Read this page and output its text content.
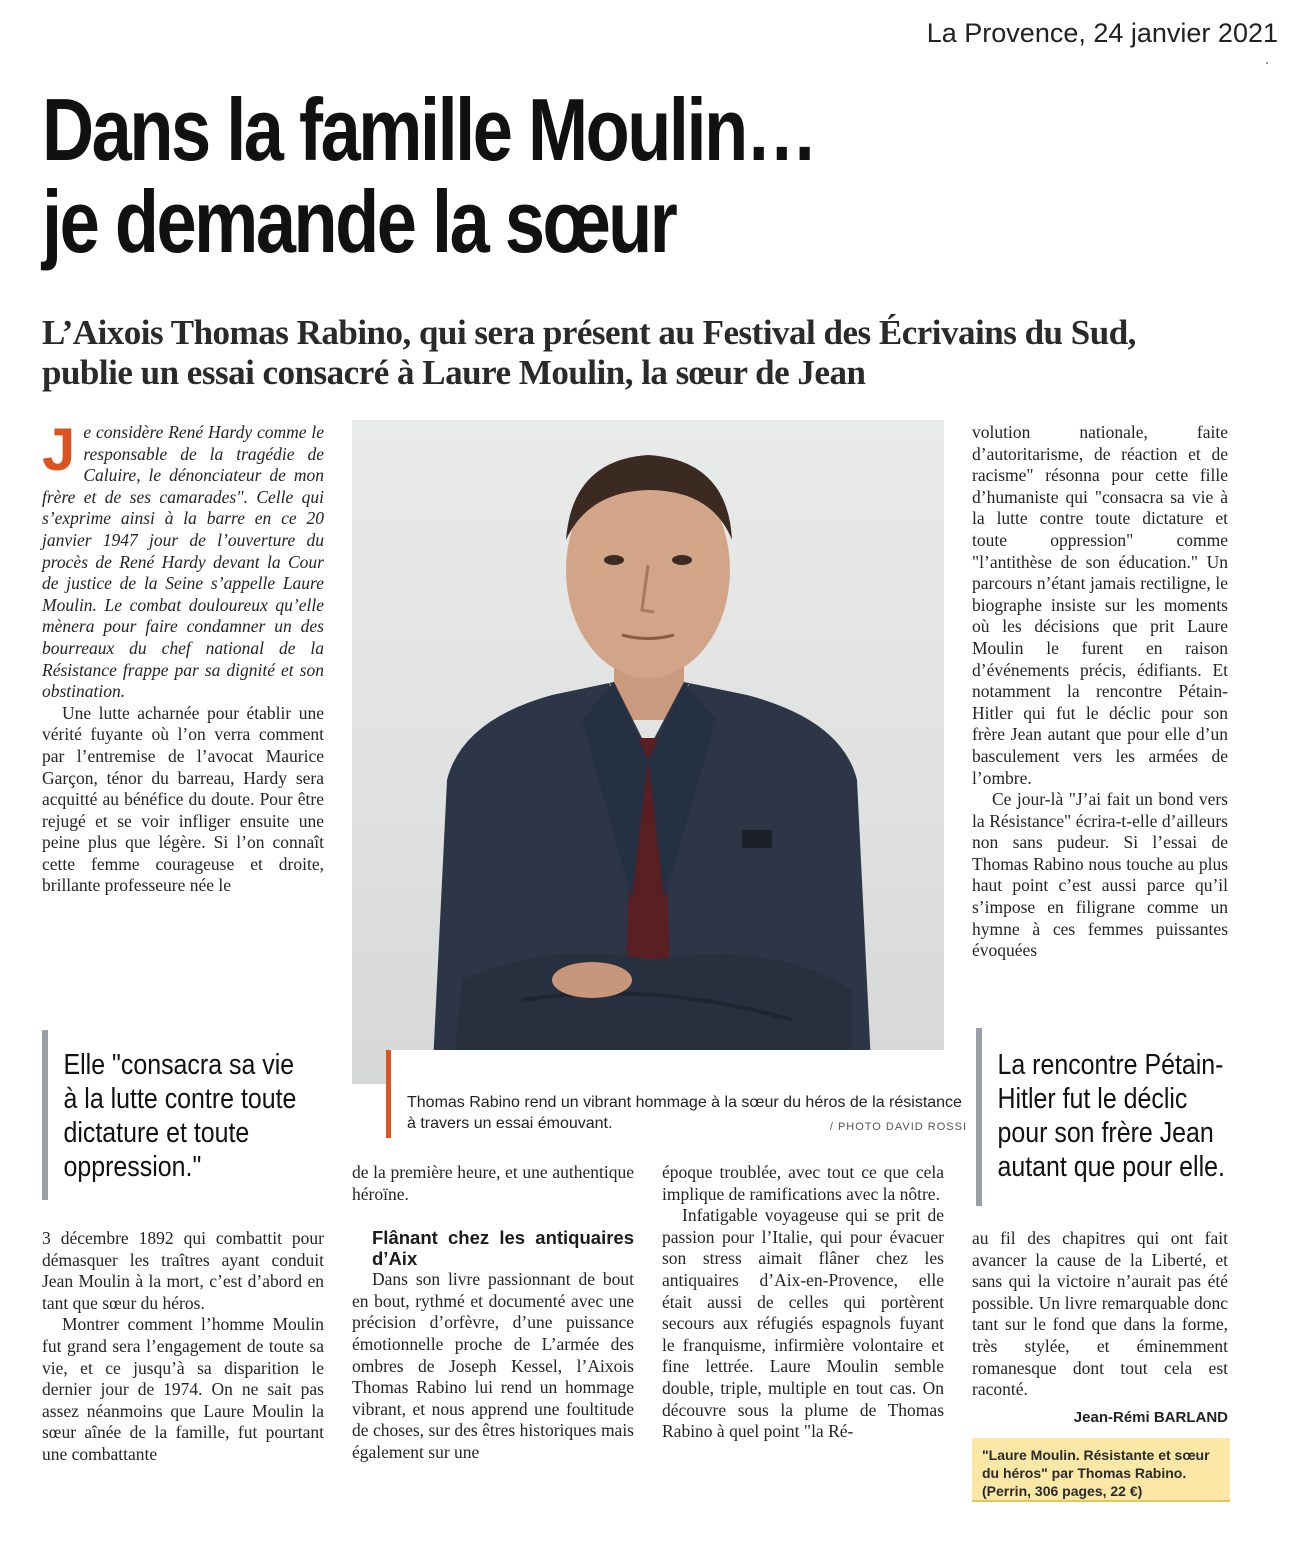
La Provence, 24 janvier 2021
Dans la famille Moulin…
je demande la sœur
L’Aixois Thomas Rabino, qui sera présent au Festival des Écrivains du Sud,
publie un essai consacré à Laure Moulin, la sœur de Jean

Je considère René Hardy comme le responsable de la tragédie de Caluire, le dénonciateur de mon frère et de ses camarades". Celle qui s’exprime ainsi à la barre en ce 20 janvier 1947 jour de l’ouverture du procès de René Hardy devant la Cour de justice de la Seine s’appelle Laure Moulin. Le combat douloureux qu’elle mènera pour faire condamner un des bourreaux du chef national de la Résistance frappe par sa dignité et son obstination.

Une lutte acharnée pour établir une vérité fuyante où l’on verra comment par l’entremise de l’avocat Maurice Garçon, ténor du barreau, Hardy sera acquitté au bénéfice du doute. Pour être rejugé et se voir infliger ensuite une peine plus que légère. Si l’on connaît cette femme courageuse et droite, brillante professeure née le

Elle "consacra sa vie à la lutte contre toute dictature et toute oppression."

3 décembre 1892 qui combattit pour démasquer les traîtres ayant conduit Jean Moulin à la mort, c’est d’abord en tant que sœur du héros.

Montrer comment l’homme Moulin fut grand sera l’engagement de toute sa vie, et ce jusqu’à sa disparition le dernier jour de 1974. On ne sait pas assez néanmoins que Laure Moulin la sœur aînée de la famille, fut pourtant une combattante

Thomas Rabino rend un vibrant hommage à la sœur du héros de la résistance à travers un essai émouvant.	/ PHOTO DAVID ROSSI

de la première heure, et une authentique héroïne.

Flânant chez les antiquaires d’Aix

Dans son livre passionnant de bout en bout, rythmé et documenté avec une précision d’orfèvre, d’une puissance émotionnelle proche de L’armée des ombres de Joseph Kessel, l’Aixois Thomas Rabino lui rend un hommage vibrant, et nous apprend une foultitude de choses, sur des êtres historiques mais également sur une

époque troublée, avec tout ce que cela implique de ramifications avec la nôtre.

Infatigable voyageuse qui se prit de passion pour l’Italie, qui pour évacuer son stress aimait flâner chez les antiquaires d’Aix-en-Provence, elle était aussi de celles qui portèrent secours aux réfugiés espagnols fuyant le franquisme, infirmière volontaire et fine lettrée. Laure Moulin semble double, triple, multiple en tout cas. On découvre sous la plume de Thomas Rabino à quel point "la Ré-

volution nationale, faite d’autoritarisme, de réaction et de racisme" résonna pour cette fille d’humaniste qui "consacra sa vie à la lutte contre toute dictature et toute oppression" comme "l’antithèse de son éducation." Un parcours n’étant jamais rectiligne, le biographe insiste sur les moments où les décisions que prit Laure Moulin le furent en raison d’événements précis, édifiants. Et notamment la rencontre Pétain-Hitler qui fut le déclic pour son frère Jean autant que pour elle d’un basculement vers les armées de l’ombre.

Ce jour-là "J’ai fait un bond vers la Résistance" écrira-t-elle d’ailleurs non sans pudeur. Si l’essai de Thomas Rabino nous touche au plus haut point c’est aussi parce qu’il s’impose en filigrane comme un hymne à ces femmes puissantes évoquées

La rencontre Pétain-Hitler fut le déclic pour son frère Jean autant que pour elle.

au fil des chapitres qui ont fait avancer la cause de la Liberté, et sans qui la victoire n’aurait pas été possible. Un livre remarquable donc tant sur le fond que dans la forme, très stylée, et éminemment romanesque dont tout cela est raconté.

Jean-Rémi BARLAND
"Laure Moulin. Résistante et sœur du héros" par Thomas Rabino. (Perrin, 306 pages, 22 €)
